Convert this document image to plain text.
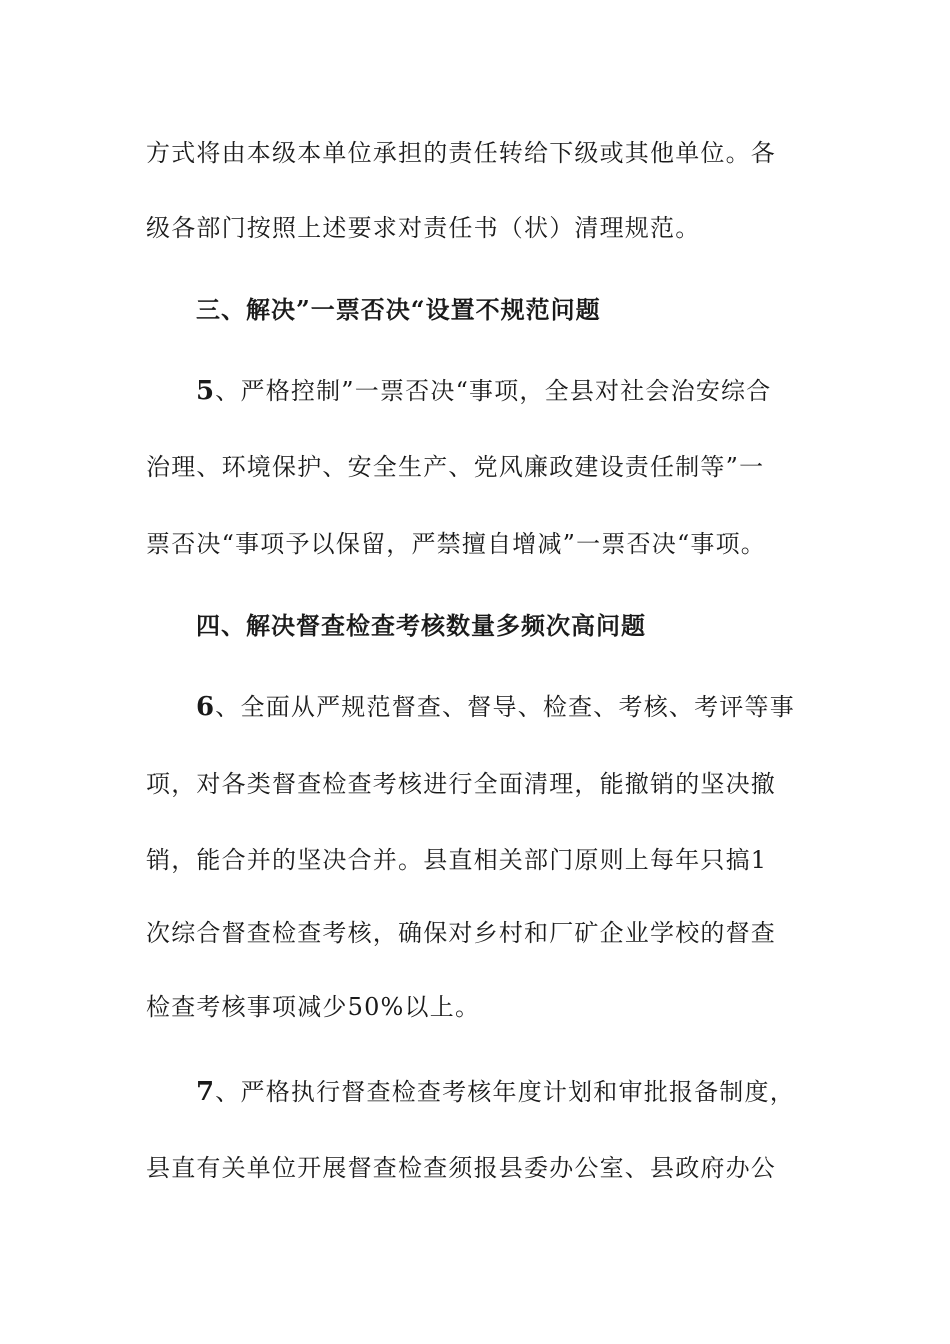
方式将由本级本单位承担的责任转给下级或其他单位。各
级各部门按照上述要求对责任书（状）清理规范。
三、解决”一票否决“设置不规范问题
5、严格控制”一票否决“事项，全县对社会治安综合
治理、环境保护、安全生产、党风廉政建设责任制等”一
票否决“事项予以保留，严禁擅自增减”一票否决“事项。
四、解决督查检查考核数量多频次高问题
6、全面从严规范督查、督导、检查、考核、考评等事
项，对各类督查检查考核进行全面清理，能撤销的坚决撤
销，能合并的坚决合并。县直相关部门原则上每年只搞1
次综合督查检查考核，确保对乡村和厂矿企业学校的督查
检查考核事项减少50%以上。
7、严格执行督查检查考核年度计划和审批报备制度，
县直有关单位开展督查检查须报县委办公室、县政府办公
